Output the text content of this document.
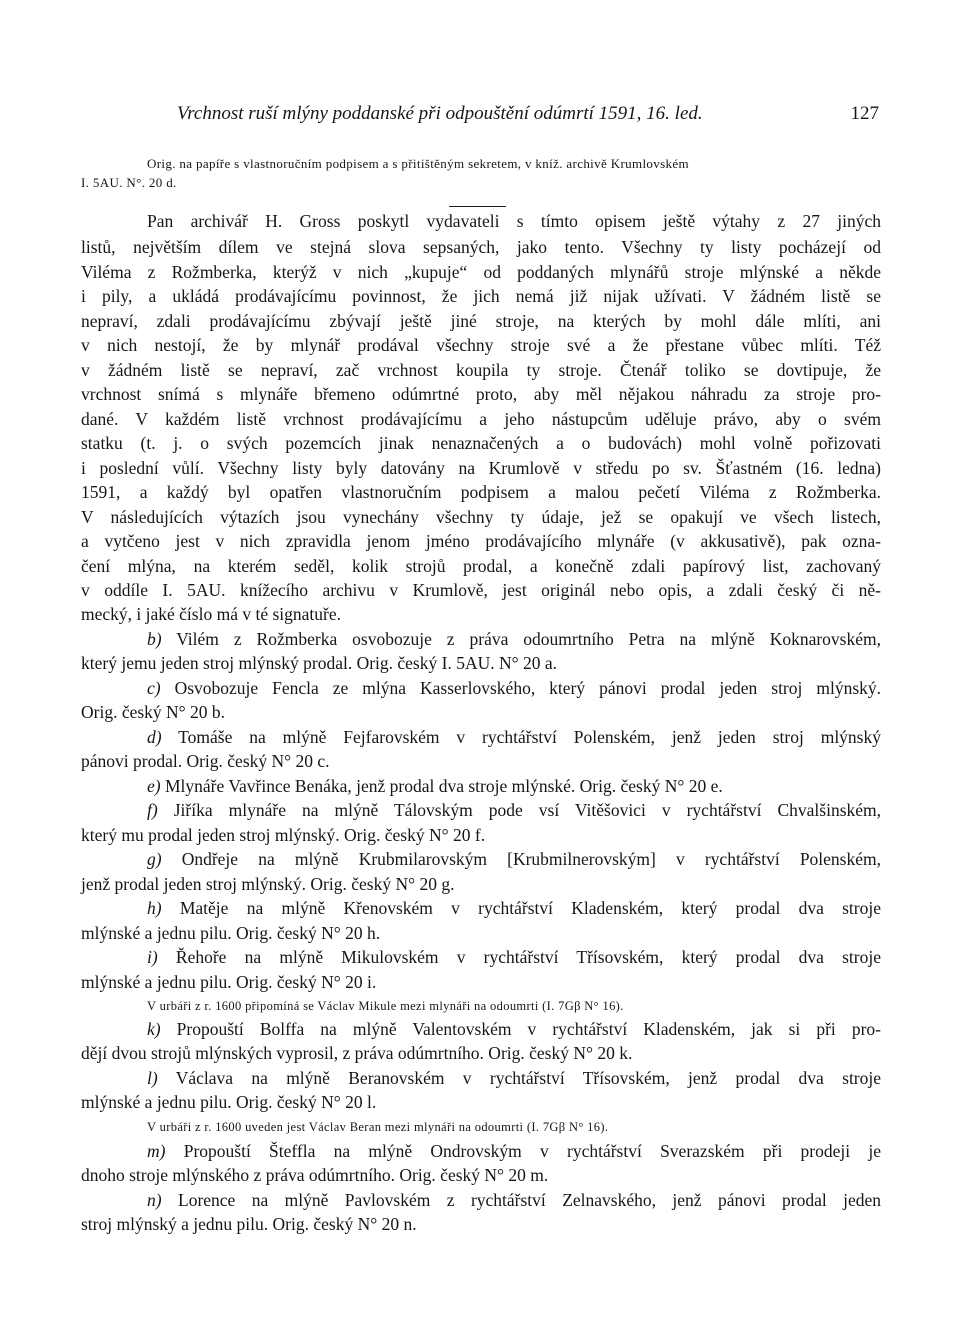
Vrchnost ruší mlýny poddanské při odpouštění odúmrtí 1591, 16. led.	127
Orig. na papíře s vlastnoručním podpisem a s přitištěným sekretem, v kníž. archivě Krumlovském
I. 5AU. N°. 20 d.
Pan archivář H. Gross poskytl vydavateli s tímto opisem ještě výtahy z 27 jiných
listů, největším dílem ve stejná slova sepsaných, jako tento. Všechny ty listy pocházejí od
Viléma z Rožmberka, kterýž v nich „kupuje“ od poddaných mlynářů stroje mlýnské a někde
i pily, a ukládá prodávajícímu povinnost, že jich nemá již nijak užívati. V žádném listě se
nepraví, zdali prodávajícímu zbývají ještě jiné stroje, na kterých by mohl dále mlíti, ani
v nich nestojí, že by mlynář prodával všechny stroje své a že přestane vůbec mlíti. Též
v žádném listě se nepraví, zač vrchnost koupila ty stroje. Čtenář toliko se dovtipuje, že
vrchnost snímá s mlynáře břemeno odúmrtné proto, aby měl nějakou náhradu za stroje pro-
dané. V každém listě vrchnost prodávajícímu a jeho nástupcům uděluje právo, aby o svém
statku (t. j. o svých pozemcích jinak nenaznačených a o budovách) mohl volně pořizovati
i poslední vůlí. Všechny listy byly datovány na Krumlově v středu po sv. Šťastném (16. ledna)
1591, a každý byl opatřen vlastnoručním podpisem a malou pečetí Viléma z Rožmberka.
V následujících výtazích jsou vynechány všechny ty údaje, jež se opakují ve všech listech,
a vytčeno jest v nich zpravidla jenom jméno prodávajícího mlynáře (v akkusativě), pak ozna-
čení mlýna, na kterém seděl, kolik strojů prodal, a konečně zdali papírový list, zachovaný
v oddíle I. 5AU. knížecího archivu v Krumlově, jest originál nebo opis, a zdali český či ně-
mecký, i jaké číslo má v té signatuře.
b) Vilém z Rožmberka osvobozuje z práva odoumrtního Petra na mlýně Koknarovském,
který jemu jeden stroj mlýnský prodal. Orig. český I. 5AU. N° 20 a.
c) Osvobozuje Fencla ze mlýna Kasserlovského, který pánovi prodal jeden stroj mlýnský.
Orig. český N° 20 b.
d) Tomáše na mlýně Fejfarovském v rychtářství Polenském, jenž jeden stroj mlýnský
pánovi prodal. Orig. český N° 20 c.
e) Mlynáře Vavřince Benáka, jenž prodal dva stroje mlýnské. Orig. český N° 20 e.
f) Jiříka mlynáře na mlýně Tálovským pode vsí Vitěšovici v rychtářství Chvalšinském,
který mu prodal jeden stroj mlýnský. Orig. český N° 20 f.
g) Ondřeje na mlýně Krubmilarovským [Krubmilnerovským] v rychtářství Polenském,
jenž prodal jeden stroj mlýnský. Orig. český N° 20 g.
h) Matěje na mlýně Křenovském v rychtářství Kladenském, který prodal dva stroje
mlýnské a jednu pilu. Orig. český N° 20 h.
i) Řehoře na mlýně Mikulovském v rychtářství Třísovském, který prodal dva stroje
mlýnské a jednu pilu. Orig. český N° 20 i.
V urbáři z r. 1600 připomíná se Václav Mikule mezi mlynáři na odoumrti (I. 7Gβ N° 16).
k) Propouští Bolffa na mlýně Valentovském v rychtářství Kladenském, jak si při pro-
dějí dvou strojů mlýnských vyprosil, z práva odúmrtního. Orig. český N° 20 k.
l) Václava na mlýně Beranovském v rychtářství Třísovském, jenž prodal dva stroje
mlýnské a jednu pilu. Orig. český N° 20 l.
V urbáři z r. 1600 uveden jest Václav Beran mezi mlynáři na odoumrti (I. 7Gβ N° 16).
m) Propouští Šteffla na mlýně Ondrovským v rychtářství Sverazském při prodeji je
dnoho stroje mlýnského z práva odúmrtního. Orig. český N° 20 m.
n) Lorence na mlýně Pavlovském z rychtářství Zelnavského, jenž pánovi prodal jeden
stroj mlýnský a jednu pilu. Orig. český N° 20 n.
